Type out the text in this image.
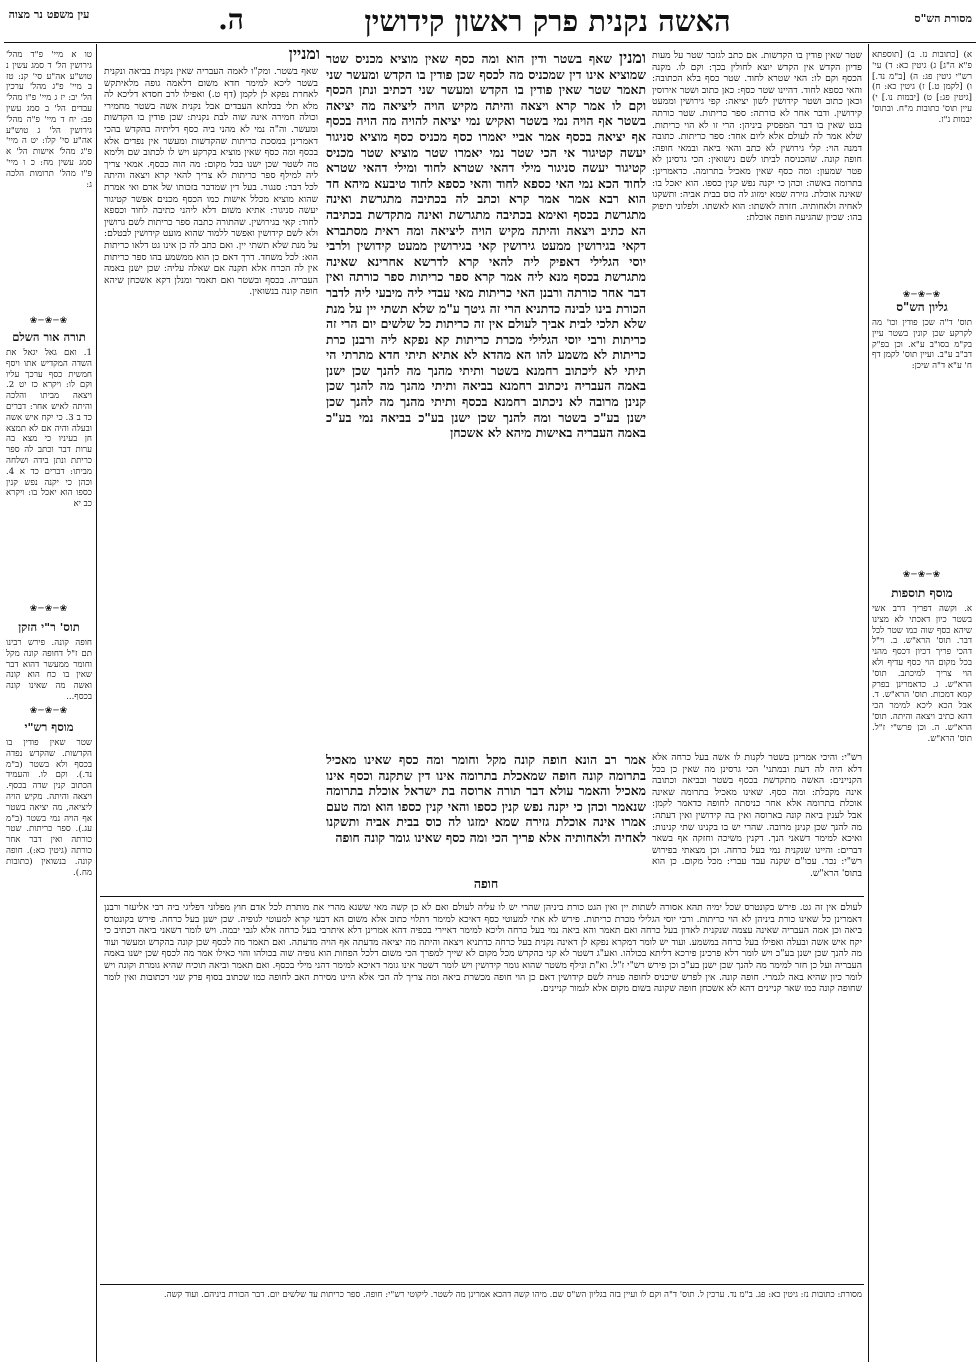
מסורת הש"ס
ה.	האשה נקנית פרק ראשון קידושין
עין משפט נר מצוה
טו א מיי' פ"ד מהל' גירושין הל' ד סמג עשין נ טוש"ע אה"ע סי' קנ: טז ב מיי' פ"ג מהל' ערכין הל' יב: יז ג מיי' פ"ו מהל' עבדים הל' ב סמג עשין פב: יח ד מיי' פ"ה מהל' גירושין הל' ג טוש"ע אה"ע סי' קלו: יט ה מיי' פ"ג מהל' אישות הל' א סמג עשין מח: כ ו מיי' פ"ו מהל' תרומות הלכה ג:
❀─❀─❀
תורה אור השלם
1. ואם גאל יגאל את השדה המקדיש אתו ויסף חמשית כסף ערכך עליו וקם לו: ויקרא כז יט 2. ויצאה מביתו והלכה והיתה לאיש אחר: דברים כד ב 3. כי יקח איש אשה ובעלה והיה אם לא תמצא חן בעיניו כי מצא בה ערות דבר וכתב לה ספר כריתת ונתן בידה ושלחה מביתו: דברים כד א 4. וכהן כי יקנה נפש קנין כספו הוא יאכל בו: ויקרא כב יא
❀─❀─❀
תוס' ר"י הזקן
חופה קונה. פירש רבינו תם ז"ל דחופה קונה מקל וחומר ממעשר דהוא דבר שאין בו כח הוא קונה ואשה מה שאינו קונה בכסף...
❀─❀─❀
מוסף רש"י
שטר שאין פודין בו הקדשות. שהקדש נפדה בכסף ולא בשטר (ב"מ נד.). וקם לו. והעמיד הכתוב קנין שדה בכסף. ויצאה והיתה. מקיש הויה ליציאה, מה יציאה בשטר אף הויה נמי בשטר (ב"מ עג.). ספר כריתות. שטר כורתה ואין דבר אחר כורתה (גיטין כא:). חופה קונה. בנשואין (כתובות מח.).
א) [כתובות נז. ב) [תוספתא פ"א ה"ג] ג) גיטין כא: ד) עי' רש"י גיטין פג: ה) [ב"מ נד.] ו) [לקמן ט.] ז) גיטין כא: ח) [גיטין פג:] ט) [יבמות נו.] י) עיין תוס' כתובות מ"ח. ובתוס' יבמות נ"ז.
❀─❀─❀
גליון הש"ס
תוס' ד"ה שכן פודין וכו' מה לקרקע שכן קונין בשטר עיין בק"מ בסו"ב ע"א. וכן בפ"ק דב"ב ע"ב. ועיין תוס' לקמן דף ח' ע"א ד"ה שיכן:
❀─❀─❀
מוסף תוספות
א. וקשה דפריך דרב אשי בשטר כיון דאכתי לא מצינו שיהא כסף שוה כמו שטר לכל דבר. תוס' הרא"ש. ב. וי"ל דהכי פריך דכיון דכסף מהני בכל מקום הוי כסף עדיף ולא הוי צריך למיכתב. תוס' הרא"ש. ג. כדאמרינן בפרק קמא דמכות. תוס' הרא"ש. ד. אבל הכא ליכא למימר הכי דהא כתיב ויצאה והיתה. תוס' הרא"ש. ה. וכן פרש"י ז"ל. תוס' הרא"ש.
שטר שאין פודין בו הקדשות. אם כתב לגזבר שטר על מעות פדיון הקדש אין הקדש יוצא לחולין בכך: וקם לו. מקנה הכסף וקם לו: האי שטרא לחוד. שטר כסף בלא הכתובה: והאי כספא לחוד. דהיינו שטר כסף: כאן כתוב ושטר אירוסין וכאן כתוב ושטר קידושין לשון יציאה: קפי גירושין וממעט קידושין. ודבר אחר לא כורתה: ספר כריתות. שטר כורתה בגט שאין בו דבר המפסיק ביניהן: הרי זו לא הוי כריתות. שלא אמר לה לעולם אלא ליום אחד: ספר כריתות. כתובה דמנה הוי: קלי גירושין לא כתב והאי ביאה ובמאי חופה: חופה קונה. שהכניסה לביתו לשם נישואין: הכי גרסינן לא פטר שמעון: ומה כסף שאין מאכיל בתרומה. כדאמרינן: בתרומה באשה: וכהן כי יקנה נפש קנין כספו. הוא יאכל בו: שאינה אוכלת. גזירה שמא ימזוג לה כוס בבית אביה: ותשקנו לאחיה ולאחותיה. חזרה לאשתו: הוא לאשתו. ולפלוני תיפוק בהו: שכיון שהגיעה חופה אוכלת:
ומניין
שאף בשטר. ומק"ו לאמה העבריה שאין נקנית בביאה ונקנית בשטר ליכא למימר חדא משום דלאמה גופה מלאיתקש לאחרת נפקא לן לקמן (דף ט.) ואפילו לרב חסדא דליכא לה מלא תלי בכלתא העבדים אבל נקנית אשה בשטר מחמירי וכולה חמירה אינה שוה לבת נקנית: שכן פודין בו הקדשות ומעשר. וה"ה נמי לא מהני ביה כסף דליתיה בהקדש בהכי דאמרינן במסכת כריתות שהקדשות ומעשר אין נפדים אלא בכסף ומה כסף שאין מוציא בקרקע ויש לו לכתוב שם ולימא מה לשטר שכן ישנו בכל מקום: מה הוה ככסף. אמאי צריך ליה למילף ספר כריתות לא צריך להאי קרא ויצאה והיתה לכל דבר: סנגור. בעל דין שמדבר בזכותו של אדם ואי אמרת שהוא מוציא מכלל אישות כמו הכסף מכנים אפשר קטיגור יעשה סניגור: אתיא משום דלא ליהני כתיבה לחוד וכספא לחוד: קאי בגירושין. שהתורה כתבה ספר כריתות לשם גרושין ולא לשם קידושין ואפשר ללמוד שהוא מועט קידושין לבטלם: על מנת שלא תשתי יין. ואם כתב לה כן אינו גט דלאו כריתות הוא: לכל משחד. דרך דאם כן הוא ממשמע בהו ספר כריתות אין לה הכרח אלא תקנה אם שאלה עליה: שכן ישנן באמה העבריה. בכסף ובשטר ואם תאמר ומנלן דקא אשכחן שיהא חופה קונה בנשואין.
ומנין שאף בשטר ודין הוא ומה כסף שאין מוציא מכניס שטר שמוציא אינו דין שמכניס מה לכסף שכן פודין בו הקדש ומעשר שני תאמר שטר שאין פודין בו הקדש ומעשר שני דכתיב ונתן הכסף וקם לו אמר קרא ויצאה והיתה מקיש הויה ליציאה מה יציאה בשטר אף הויה נמי בשטר ואקיש נמי יציאה להויה מה הויה בכסף אף יציאה בכסף אמר אביי יאמרו כסף מכניס כסף מוציא סניגור יעשה קטיגור אי הכי שטר נמי יאמרו שטר מוציא שטר מכניס קטיגור יעשה סניגור מילי דהאי שטרא לחוד ומילי דהאי שטרא לחוד הכא נמי האי כספא לחוד והאי כספא לחוד טיבעא מיהא חד הוא רבא אמר אמר קרא וכתב לה בכתיבה מתגרשת ואינה מתגרשת בכסף ואימא בכתיבה מתגרשת ואינה מתקדשת בכתיבה הא כתיב ויצאה והיתה מקיש הויה ליציאה ומה ראית מסתברא דקאי בגירושין ממעט גירושין קאי בגירושין ממעט קידושין ולרבי יוסי הגלילי דאפיק ליה להאי קרא לדרשא אחרינא שאינה מתגרשת בכסף מנא ליה אמר קרא ספר כריתות ספר כורתה ואין דבר אחר כורתה ורבנן האי כריתות מאי עבדי ליה מיבעי ליה לדבר הכורת בינו לבינה כדתניא הרי זה גיטך ע"מ שלא תשתי יין על מנת שלא תלכי לבית אביך לעולם אין זה כריתות כל שלשים יום הרי זה כריתות ורבי יוסי הגלילי מכרת כריתות קא נפקא ליה ורבנן כרת כריתות לא משמע להו הא מהדא לא אתיא תיתי חדא מתרתי הי תיתי לא ליכתוב רחמנא בשטר ותיתי מהנך מה להנך שכן ישנן באמה העבריה ניכתוב רחמנא בביאה ותיתי מהנך מה להנך שכן קנינן מרובה לא ניכתוב רחמנא בכסף ותיתי מהנך מה להנך שכן ישנן בע"כ בשטר ומה להנך שכן ישנן בע"כ בביאה נמי בע"כ באמה העבריה באישות מיהא לא אשכחן
אמר רב הונא חופה קונה מקל וחומר ומה כסף שאינו מאכיל בתרומה קונה חופה שמאכלת בתרומה אינו דין שתקנה וכסף אינו מאכיל והאמר עולא דבר תורה ארוסה בת ישראל אוכלת בתרומה שנאמר וכהן כי יקנה נפש קנין כספו והאי קנין כספו הוא ומה טעם אמרו אינה אוכלת גזירה שמא ימזגו לה כוס בבית אביה ותשקנו לאחיה ולאחותיה אלא פריך הכי ומה כסף שאינו גומר קונה חופה
חופה
רש"י: והיכי אמרינן בשטר לקנות לו אשה בעל כרחה אלא דלא היה לה דעת ובמתני' הכי גרסינן מה שאין כן בכל הקניינים: האשה מתקדשת בכסף בשטר ובביאה וכתובה אינה מקבלת: ומה כסף. שאינו מאכיל בתרומה שאינה אוכלת בתרומה אלא אחר כניסתה לחופה כדאמר לקמן: אבל לענין ביאה קונה בארוסה ואין בה קידושין ואין דעתה: מה להנך שכן קנינן מרובה. שהרי יש בו בקנינו שתי קנינות: ואיכא למימר דשאני הנך. דקנין משיכה וחזקה אף בשאר דברים: והיינו שנקנית נמי בעל כרחה. וכן מצאתי בפירוש רש"י: נכר. עכו"ם שקנה עבד עברי: מכל מקום. כן הוא בתוס' הרא"ש.
לעולם אין זה גט. פירש בקונטרס שכל ימיה תהא אסורה לשתות יין ואין הגט כורת ביניהן שהרי יש לו עליה לעולם ואם לא כן קשה מאי ששנא מהרי את מותרת לכל אדם חוץ מפלוני דפליגי ביה רבי אליעזר ורבנן דאמרינן כל שאינו כורת ביניהן לא הוי כריתות. ורבי יוסי הגלילי מכרת כריתות. פירש לא אתי למעוטי כסף דאיכא למימר דתלוי כתוב אלא משום הא דבעי קרא למעוטי לגופיה. שכן ישנן בעל כרחה. פירש בקונטרס ביאה וכן אמה העבריה שאינה עצמה שנקנית לאדון בעל כרחה ואם תאמר והא ביאה נמי בעל כרחה וליכא למימר דאיירי בכפיה דהא אמרינן דלא איתרבי בעל כרחה אלא לגבי יבמה. ויש לומר דשאני ביאה דכתיב כי יקח איש אשה ובעלה ואפילו בעל כרחה במשמע. ועוד יש לומר דמקרא נפקא לן דאינה נקנית בעל כרחה כדתניא ויצאה והיתה מה יציאה מדעתה אף הויה מדעתה. ואם תאמר מה לכסף שכן קונה בהקדש ומעשר ועוד מה להנך שכן ישנן בע"כ ויש לומר דלא פרכינן פירכא דליתא בכולהו. ואע"ג דשטר לא קני בהקדש מכל מקום לא שייך למפרך הכי משום דלכל הפחות הוא גופיה שוה בכולהו והוי כאילו אמר מה לכסף שכן ישנו באמה העבריה ועל כן חזר למימר מה להנך שכן ישנן בע"כ וכן פירש רש"י ז"ל. וא"ת ונילף משטר שהוא גומר קידושין ויש לומר דשטר אינו גומר דאיכא למימר דהני מילי בכסף. ואם תאמר וביאה תוכיח שהיא גומרת וקונה ויש לומר כיון שהיא באה לגמרי. חופה קונה. אין לפרש שיכניס לחופה פנויה לשם קידושין דאם כן הוי חופה מכשרת ביאה ומה צריך לה הכי אלא היינו מסירת האב לחופה כמו שכתוב בסוף פרק שני דכתובות ואין לומר שחופה קונה כמו שאר קניינים דהא לא אשכחן חופה שקונה בשום מקום אלא לגמור קניינים.
מסורת: כתובות נז: גיטין כא: פג. ב"מ נד. ערכין ל. תוס' ד"ה וקם לו ועיין בזה בגליון הש"ס שם. מיהו קשה דהכא אמרינן מה לשטר. ליקוטי רש"י: חופה. ספר כריתות עד שלשים יום. דבר הכורת ביניהם. ועוד קשה.
